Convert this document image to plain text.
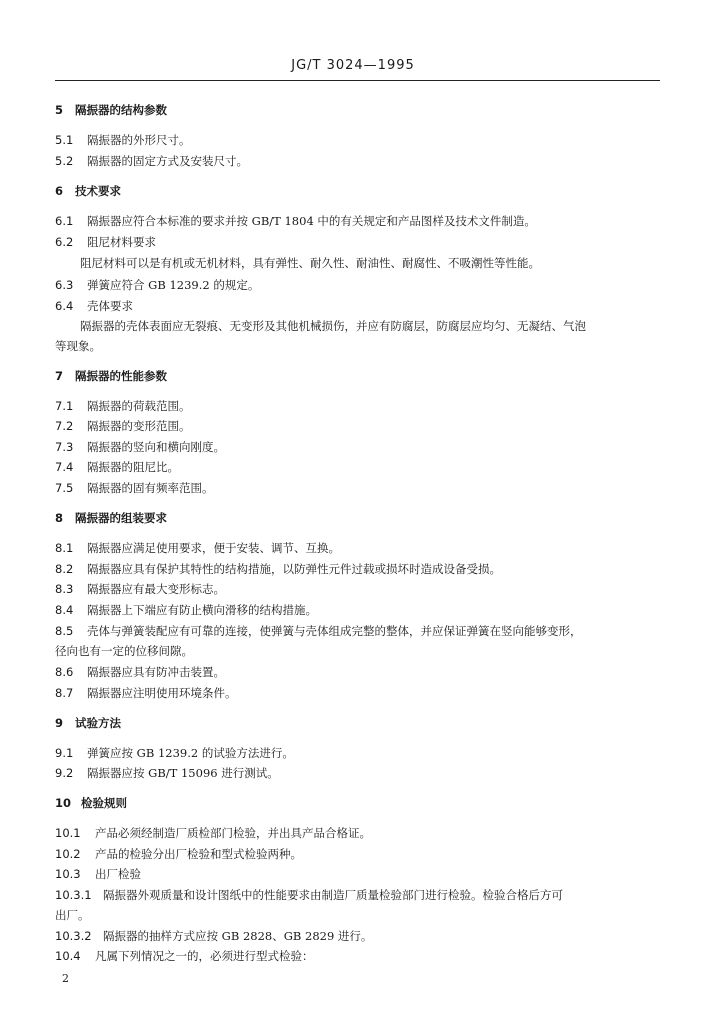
JG/T 3024—1995
5 隔振器的结构参数
5.1 隔振器的外形尺寸。
5.2 隔振器的固定方式及安装尺寸。
6 技术要求
6.1 隔振器应符合本标准的要求并按 GB/T 1804 中的有关规定和产品图样及技术文件制造。
6.2 阻尼材料要求
阻尼材料可以是有机或无机材料，具有弹性、耐久性、耐油性、耐腐性、不吸潮性等性能。
6.3 弹簧应符合 GB 1239.2 的规定。
6.4 壳体要求
隔振器的壳体表面应无裂痕、无变形及其他机械损伤，并应有防腐层，防腐层应均匀、无凝结、气泡
等现象。
7 隔振器的性能参数
7.1 隔振器的荷载范围。
7.2 隔振器的变形范围。
7.3 隔振器的竖向和横向刚度。
7.4 隔振器的阻尼比。
7.5 隔振器的固有频率范围。
8 隔振器的组装要求
8.1 隔振器应满足使用要求，便于安装、调节、互换。
8.2 隔振器应具有保护其特性的结构措施，以防弹性元件过载或损坏时造成设备受损。
8.3 隔振器应有最大变形标志。
8.4 隔振器上下端应有防止横向滑移的结构措施。
8.5 壳体与弹簧装配应有可靠的连接，使弹簧与壳体组成完整的整体，并应保证弹簧在竖向能够变形，
径向也有一定的位移间隙。
8.6 隔振器应具有防冲击装置。
8.7 隔振器应注明使用环境条件。
9 试验方法
9.1 弹簧应按 GB 1239.2 的试验方法进行。
9.2 隔振器应按 GB/T 15096 进行测试。
10 检验规则
10.1 产品必须经制造厂质检部门检验，并出具产品合格证。
10.2 产品的检验分出厂检验和型式检验两种。
10.3 出厂检验
10.3.1 隔振器外观质量和设计图纸中的性能要求由制造厂质量检验部门进行检验。检验合格后方可
出厂。
10.3.2 隔振器的抽样方式应按 GB 2828、GB 2829 进行。
10.4 凡属下列情况之一的，必须进行型式检验：
2
